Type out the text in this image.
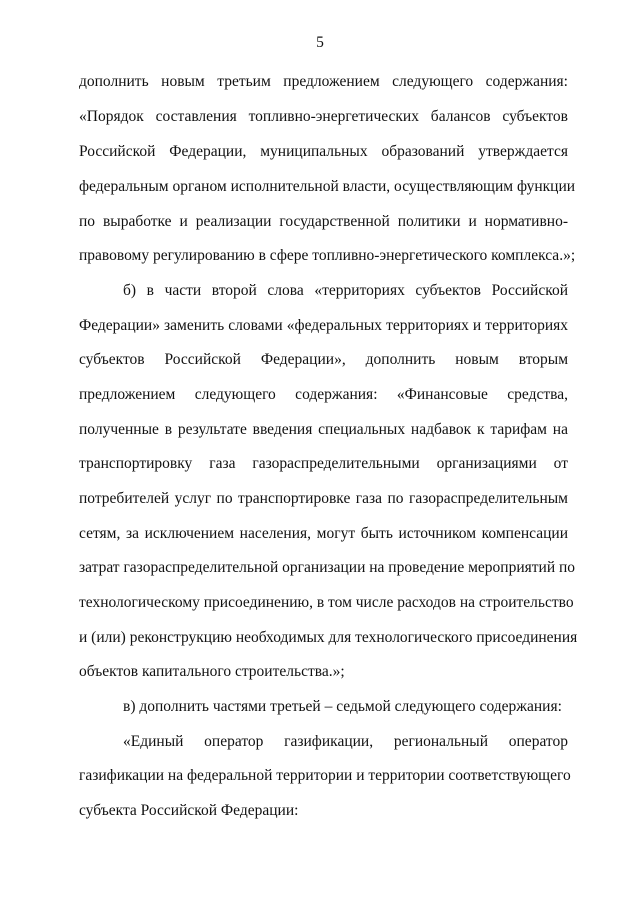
5
дополнить новым третьим предложением следующего содержания:
«Порядок составления топливно-энергетических балансов субъектов
Российской Федерации, муниципальных образований утверждается
федеральным органом исполнительной власти, осуществляющим функции
по выработке и реализации государственной политики и нормативно-
правовому регулированию в сфере топливно-энергетического комплекса.»;
б) в части второй слова «территориях субъектов Российской
Федерации» заменить словами «федеральных территориях и территориях
субъектов Российской Федерации», дополнить новым вторым
предложением следующего содержания: «Финансовые средства,
полученные в результате введения специальных надбавок к тарифам на
транспортировку газа газораспределительными организациями от
потребителей услуг по транспортировке газа по газораспределительным
сетям, за исключением населения, могут быть источником компенсации
затрат газораспределительной организации на проведение мероприятий по
технологическому присоединению, в том числе расходов на строительство
и (или) реконструкцию необходимых для технологического присоединения
объектов капитального строительства.»;
в) дополнить частями третьей – седьмой следующего содержания:
«Единый оператор газификации, региональный оператор
газификации на федеральной территории и территории соответствующего
субъекта Российской Федерации:
